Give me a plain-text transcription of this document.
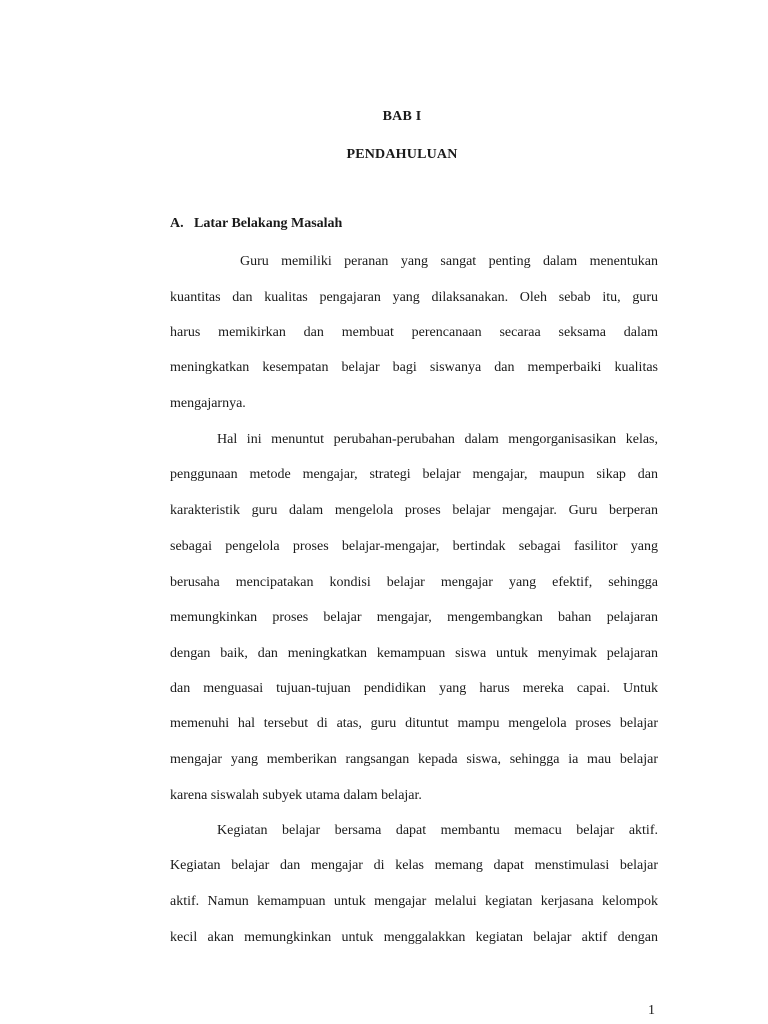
BAB I
PENDAHULUAN
A. Latar Belakang Masalah
Guru memiliki peranan yang sangat penting dalam menentukan
kuantitas dan kualitas pengajaran yang dilaksanakan. Oleh sebab itu, guru
harus memikirkan dan membuat perencanaan secaraa seksama dalam
meningkatkan kesempatan belajar bagi siswanya dan memperbaiki kualitas
mengajarnya.
Hal ini menuntut perubahan-perubahan dalam mengorganisasikan kelas,
penggunaan metode mengajar, strategi belajar mengajar, maupun sikap dan
karakteristik guru dalam mengelola proses belajar mengajar. Guru berperan
sebagai pengelola proses belajar-mengajar, bertindak sebagai fasilitor yang
berusaha mencipatakan kondisi belajar mengajar yang efektif, sehingga
memungkinkan proses belajar mengajar, mengembangkan bahan pelajaran
dengan baik, dan meningkatkan kemampuan siswa untuk menyimak pelajaran
dan menguasai tujuan-tujuan pendidikan yang harus mereka capai. Untuk
memenuhi hal tersebut di atas, guru dituntut mampu mengelola proses belajar
mengajar yang memberikan rangsangan kepada siswa, sehingga ia mau belajar
karena siswalah subyek utama dalam belajar.
Kegiatan belajar bersama dapat membantu memacu belajar aktif.
Kegiatan belajar dan mengajar di kelas memang dapat menstimulasi belajar
aktif. Namun kemampuan untuk mengajar melalui kegiatan kerjasana kelompok
kecil akan memungkinkan untuk menggalakkan kegiatan belajar aktif dengan
1
